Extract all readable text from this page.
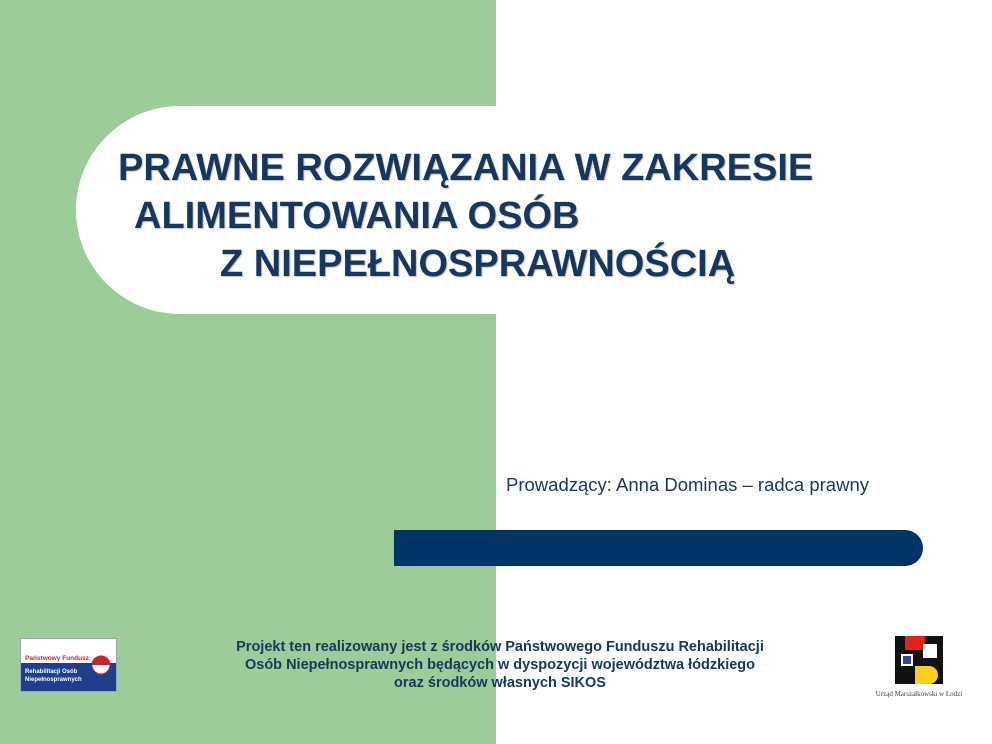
PRAWNE ROZWIĄZANIA W ZAKRESIE
ALIMENTOWANIA OSÓB
Z NIEPEŁNOSPRAWNOŚCIĄ
Prowadzący: Anna Dominas – radca prawny
Projekt ten realizowany jest z środków Państwowego Funduszu Rehabilitacji
Osób Niepełnosprawnych będących w dyspozycji województwa łódzkiego
oraz środków własnych SIKOS
Państwowy Fundusz
Rehabilitacji Osób
Niepełnosprawnych
Urząd Marszałkowski w Łodzi
